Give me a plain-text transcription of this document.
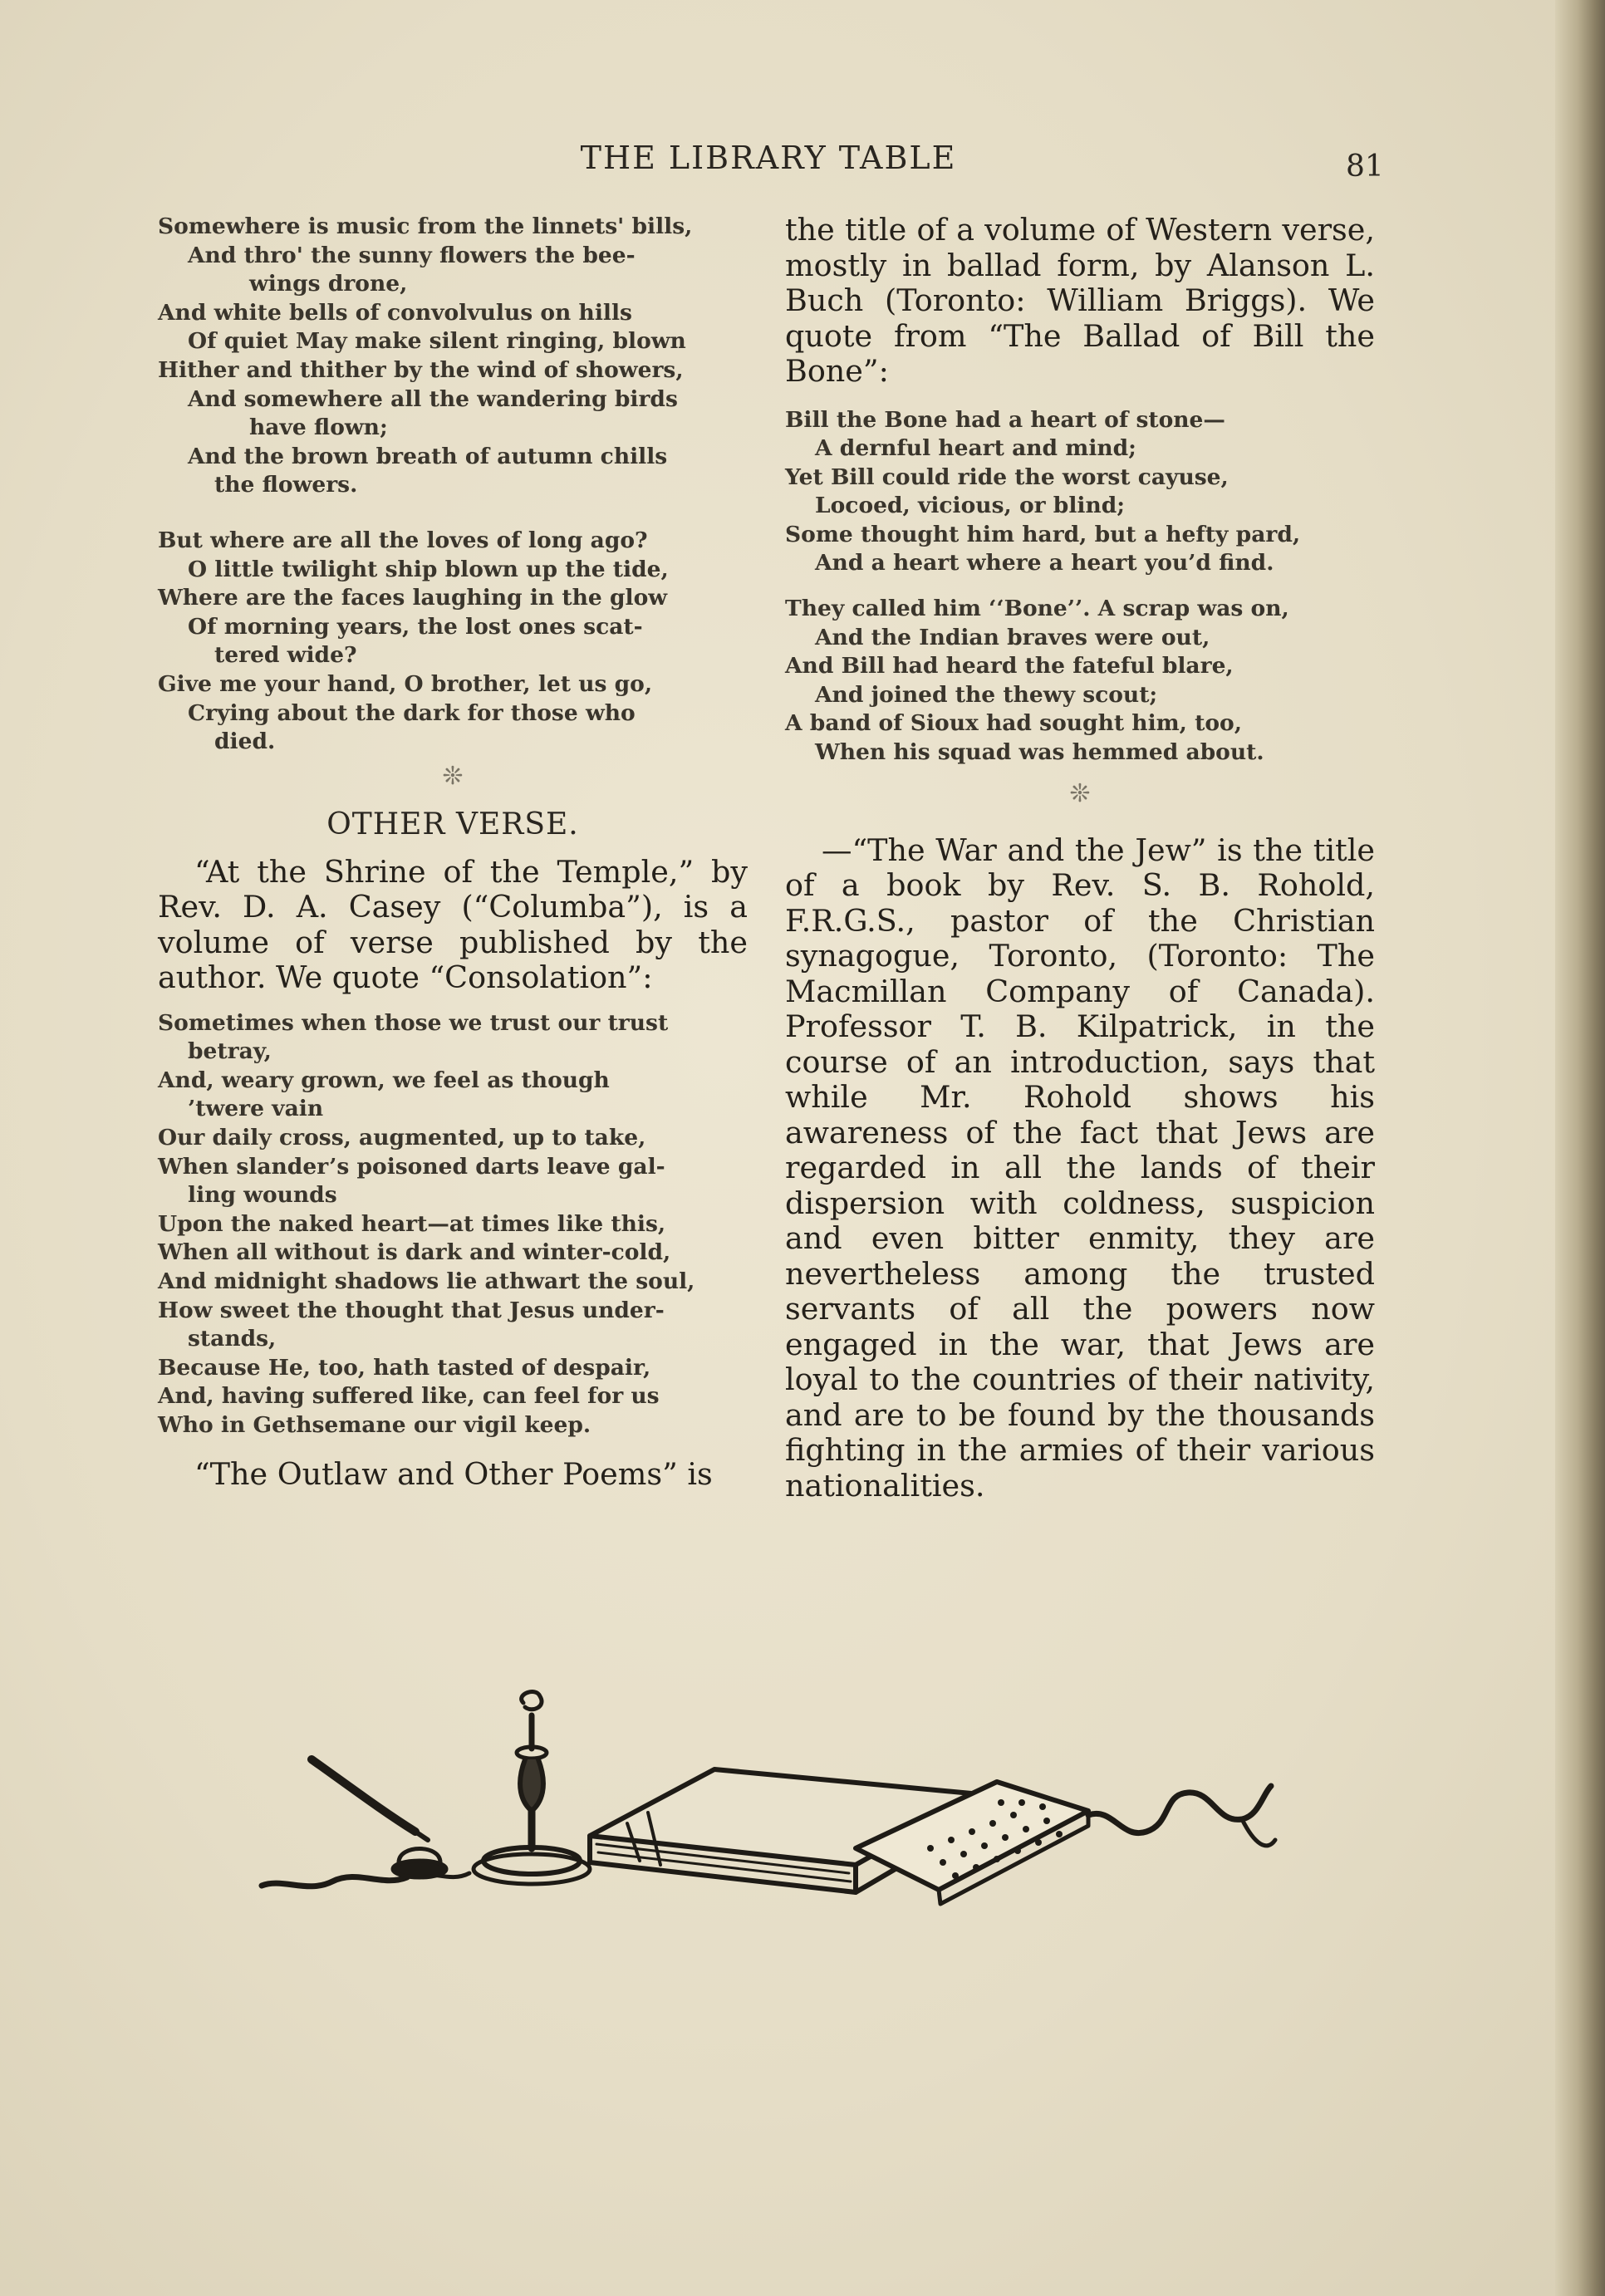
THE LIBRARY TABLE	81
Somewhere is music from the linnets' bills,
And thro' the sunny flowers the bee-
wings drone,
And white bells of convolvulus on hills
Of quiet May make silent ringing, blown
Hither and thither by the wind of showers,
And somewhere all the wandering birds
have flown;
And the brown breath of autumn chills
the flowers.
But where are all the loves of long ago?
O little twilight ship blown up the tide,
Where are the faces laughing in the glow
Of morning years, the lost ones scat-
tered wide?
Give me your hand, O brother, let us go,
Crying about the dark for those who
died.
❊
OTHER VERSE.

“At the Shrine of the Temple,” by Rev. D. A. Casey (“Columba”), is a volume of verse published by the author. We quote “Consolation”:

Sometimes when those we trust our trust
betray,
And, weary grown, we feel as though
’twere vain
Our daily cross, augmented, up to take,
When slander’s poisoned darts leave gal-
ling wounds
Upon the naked heart—at times like this,
When all without is dark and winter-cold,
And midnight shadows lie athwart the soul,
How sweet the thought that Jesus under-
stands,
Because He, too, hath tasted of despair,
And, having suffered like, can feel for us
Who in Gethsemane our vigil keep.

“The Outlaw and Other Poems” is

the title of a volume of Western verse, mostly in ballad form, by Alanson L. Buch (Toronto: William Briggs). We quote from “The Ballad of Bill the Bone”:

Bill the Bone had a heart of stone—
A dernful heart and mind;
Yet Bill could ride the worst cayuse,
Locoed, vicious, or blind;
Some thought him hard, but a hefty pard,
And a heart where a heart you’d find.
They called him ‘‘Bone’’. A scrap was on,
And the Indian braves were out,
And Bill had heard the fateful blare,
And joined the thewy scout;
A band of Sioux had sought him, too,
When his squad was hemmed about.
❊

—“The War and the Jew” is the title of a book by Rev. S. B. Rohold, F.R.G.S., pastor of the Christian synagogue, Toronto, (Toronto: The Macmillan Company of Canada). Professor T. B. Kilpatrick, in the course of an introduction, says that while Mr. Rohold shows his awareness of the fact that Jews are regarded in all the lands of their dispersion with coldness, suspicion and even bitter enmity, they are nevertheless among the trusted servants of all the powers now engaged in the war, that Jews are loyal to the countries of their nativity, and are to be found by the thousands fighting in the armies of their various nationalities.
